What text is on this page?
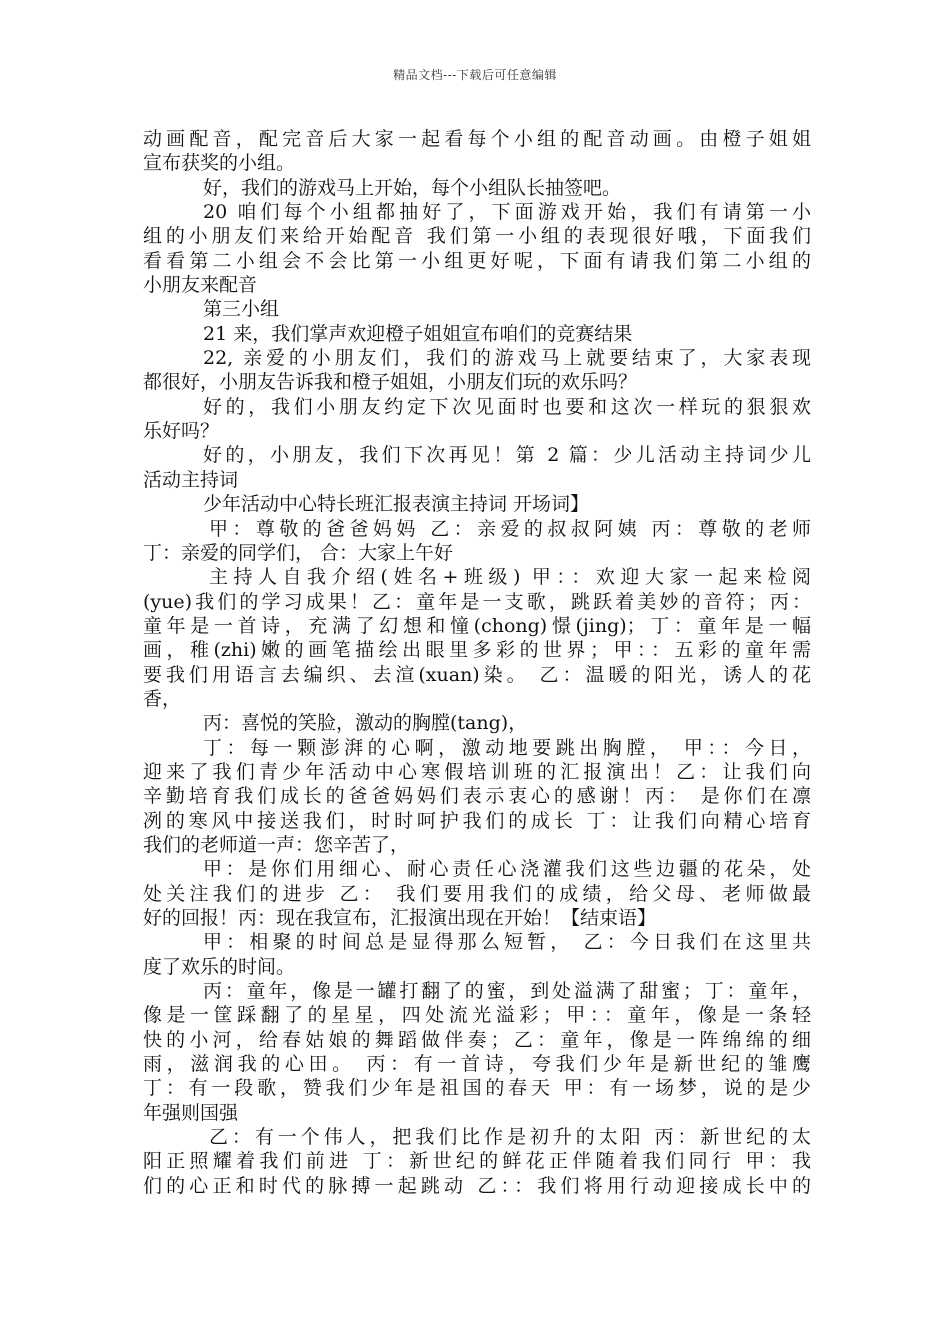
精品文档---下载后可任意编辑
动画配音，配完音后大家一起看每个小组的配音动画。由橙子姐姐
宣布获奖的小组。
好，我们的游戏马上开始，每个小组队长抽签吧。
20 咱们每个小组都抽好了，下面游戏开始，我们有请第一小
组的小朋友们来给开始配音 我们第一小组的表现很好哦，下面我们
看看第二小组会不会比第一小组更好呢，下面有请我们第二小组的
小朋友来配音
第三小组
21 来，我们掌声欢迎橙子姐姐宣布咱们的竞赛结果
22, 亲爱的小朋友们，我们的游戏马上就要结束了，大家表现
都很好，小朋友告诉我和橙子姐姐，小朋友们玩的欢乐吗？
好的，我们小朋友约定下次见面时也要和这次一样玩的狠狠欢
乐好吗？
好的，小朋友，我们下次再见！第 2 篇：少儿活动主持词少儿
活动主持词
少年活动中心特长班汇报表演主持词 开场词】
甲：尊敬的爸爸妈妈 乙：亲爱的叔叔阿姨 丙：尊敬的老师
丁：亲爱的同学们， 合：大家上午好
主持人自我介绍(姓名+班级) 甲：：欢迎大家一起来检阅
(yue)我们的学习成果！乙：童年是一支歌，跳跃着美妙的音符；丙：
童年是一首诗，充满了幻想和憧(chong)憬(jing)；丁：童年是一幅
画，稚(zhi)嫩的画笔描绘出眼里多彩的世界；甲：：五彩的童年需
要我们用语言去编织、去渲(xuan)染。 乙：温暖的阳光，诱人的花
香，
丙：喜悦的笑脸，激动的胸膛(tang)，
丁：每一颗澎湃的心啊，激动地要跳出胸膛， 甲：：今日，
迎来了我们青少年活动中心寒假培训班的汇报演出！乙：让我们向
辛勤培育我们成长的爸爸妈妈们表示衷心的感谢！丙： 是你们在凛
冽的寒风中接送我们，时时呵护我们的成长 丁：让我们向精心培育
我们的老师道一声：您辛苦了，
甲：是你们用细心、耐心责任心浇灌我们这些边疆的花朵，处
处关注我们的进步 乙： 我们要用我们的成绩，给父母、老师做最
好的回报！丙：现在我宣布，汇报演出现在开始！【结束语】
甲：相聚的时间总是显得那么短暂， 乙：今日我们在这里共
度了欢乐的时间。
丙：童年，像是一罐打翻了的蜜，到处溢满了甜蜜；丁：童年，
像是一筐踩翻了的星星，四处流光溢彩；甲：：童年，像是一条轻
快的小河，给春姑娘的舞蹈做伴奏；乙：童年，像是一阵绵绵的细
雨，滋润我的心田。 丙：有一首诗，夸我们少年是新世纪的雏鹰
丁：有一段歌，赞我们少年是祖国的春天 甲：有一场梦，说的是少
年强则国强
乙：有一个伟人，把我们比作是初升的太阳 丙：新世纪的太
阳正照耀着我们前进 丁：新世纪的鲜花正伴随着我们同行 甲：我
们的心正和时代的脉搏一起跳动 乙：：我们将用行动迎接成长中的
